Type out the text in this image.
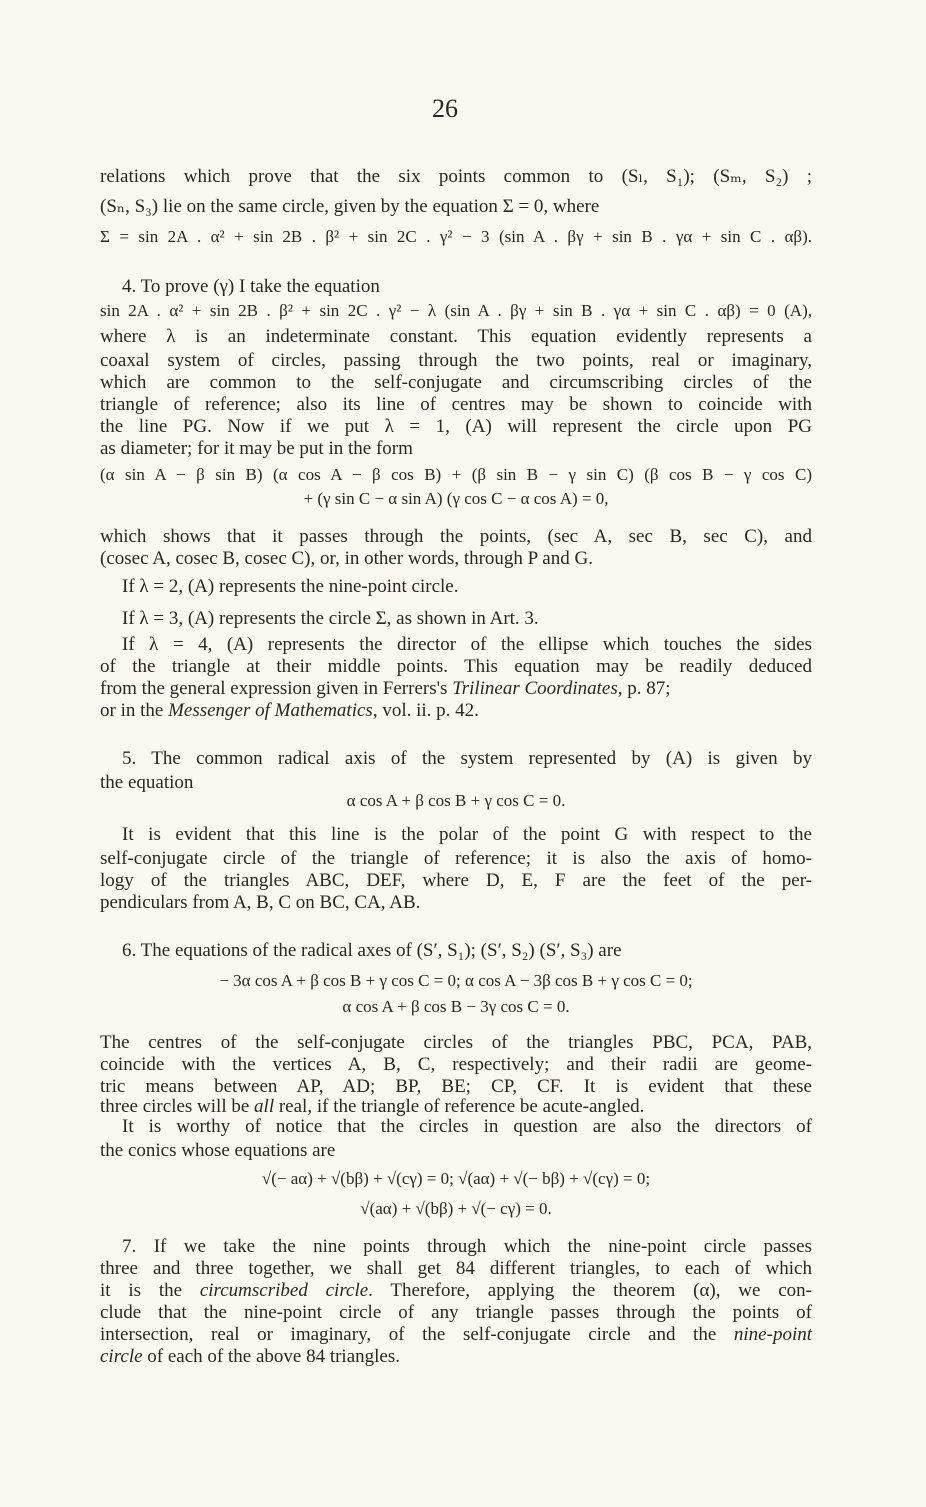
26
relations which prove that the six points common to (Sₗ, S₁); (Sₘ, S₂) ;
(Sₙ, S₃) lie on the same circle, given by the equation Σ = 0, where
Σ = sin 2A . α² + sin 2B . β² + sin 2C . γ² − 3 (sin A . βγ + sin B . γα + sin C . αβ).
4. To prove (γ) I take the equation
sin 2A . α² + sin 2B . β² + sin 2C . γ² − λ (sin A . βγ + sin B . γα + sin C . αβ) = 0 (A),
where λ is an indeterminate constant. This equation evidently represents a
coaxal system of circles, passing through the two points, real or imaginary,
which are common to the self-conjugate and circumscribing circles of the
triangle of reference; also its line of centres may be shown to coincide with
the line PG. Now if we put λ = 1, (A) will represent the circle upon PG
as diameter; for it may be put in the form
(α sin A − β sin B) (α cos A − β cos B) + (β sin B − γ sin C) (β cos B − γ cos C)
+ (γ sin C − α sin A) (γ cos C − α cos A) = 0,
which shows that it passes through the points, (sec A, sec B, sec C), and
(cosec A, cosec B, cosec C), or, in other words, through P and G.
If λ = 2, (A) represents the nine-point circle.
If λ = 3, (A) represents the circle Σ, as shown in Art. 3.
If λ = 4, (A) represents the director of the ellipse which touches the sides
of the triangle at their middle points. This equation may be readily deduced
from the general expression given in Ferrers's Trilinear Coordinates, p. 87;
or in the Messenger of Mathematics, vol. ii. p. 42.
5. The common radical axis of the system represented by (A) is given by
the equation
α cos A + β cos B + γ cos C = 0.
It is evident that this line is the polar of the point G with respect to the
self-conjugate circle of the triangle of reference; it is also the axis of homo-
logy of the triangles ABC, DEF, where D, E, F are the feet of the per-
pendiculars from A, B, C on BC, CA, AB.
6. The equations of the radical axes of (S′, S₁); (S′, S₂) (S′, S₃) are
− 3α cos A + β cos B + γ cos C = 0; α cos A − 3β cos B + γ cos C = 0;
α cos A + β cos B − 3γ cos C = 0.
The centres of the self-conjugate circles of the triangles PBC, PCA, PAB,
coincide with the vertices A, B, C, respectively; and their radii are geome-
tric means between AP, AD; BP, BE; CP, CF. It is evident that these
three circles will be all real, if the triangle of reference be acute-angled.
It is worthy of notice that the circles in question are also the directors of
the conics whose equations are
√(− aα) + √(bβ) + √(cγ) = 0; √(aα) + √(− bβ) + √(cγ) = 0;
√(aα) + √(bβ) + √(− cγ) = 0.
7. If we take the nine points through which the nine-point circle passes
three and three together, we shall get 84 different triangles, to each of which
it is the circumscribed circle. Therefore, applying the theorem (α), we con-
clude that the nine-point circle of any triangle passes through the points of
intersection, real or imaginary, of the self-conjugate circle and the nine-point
circle of each of the above 84 triangles.
